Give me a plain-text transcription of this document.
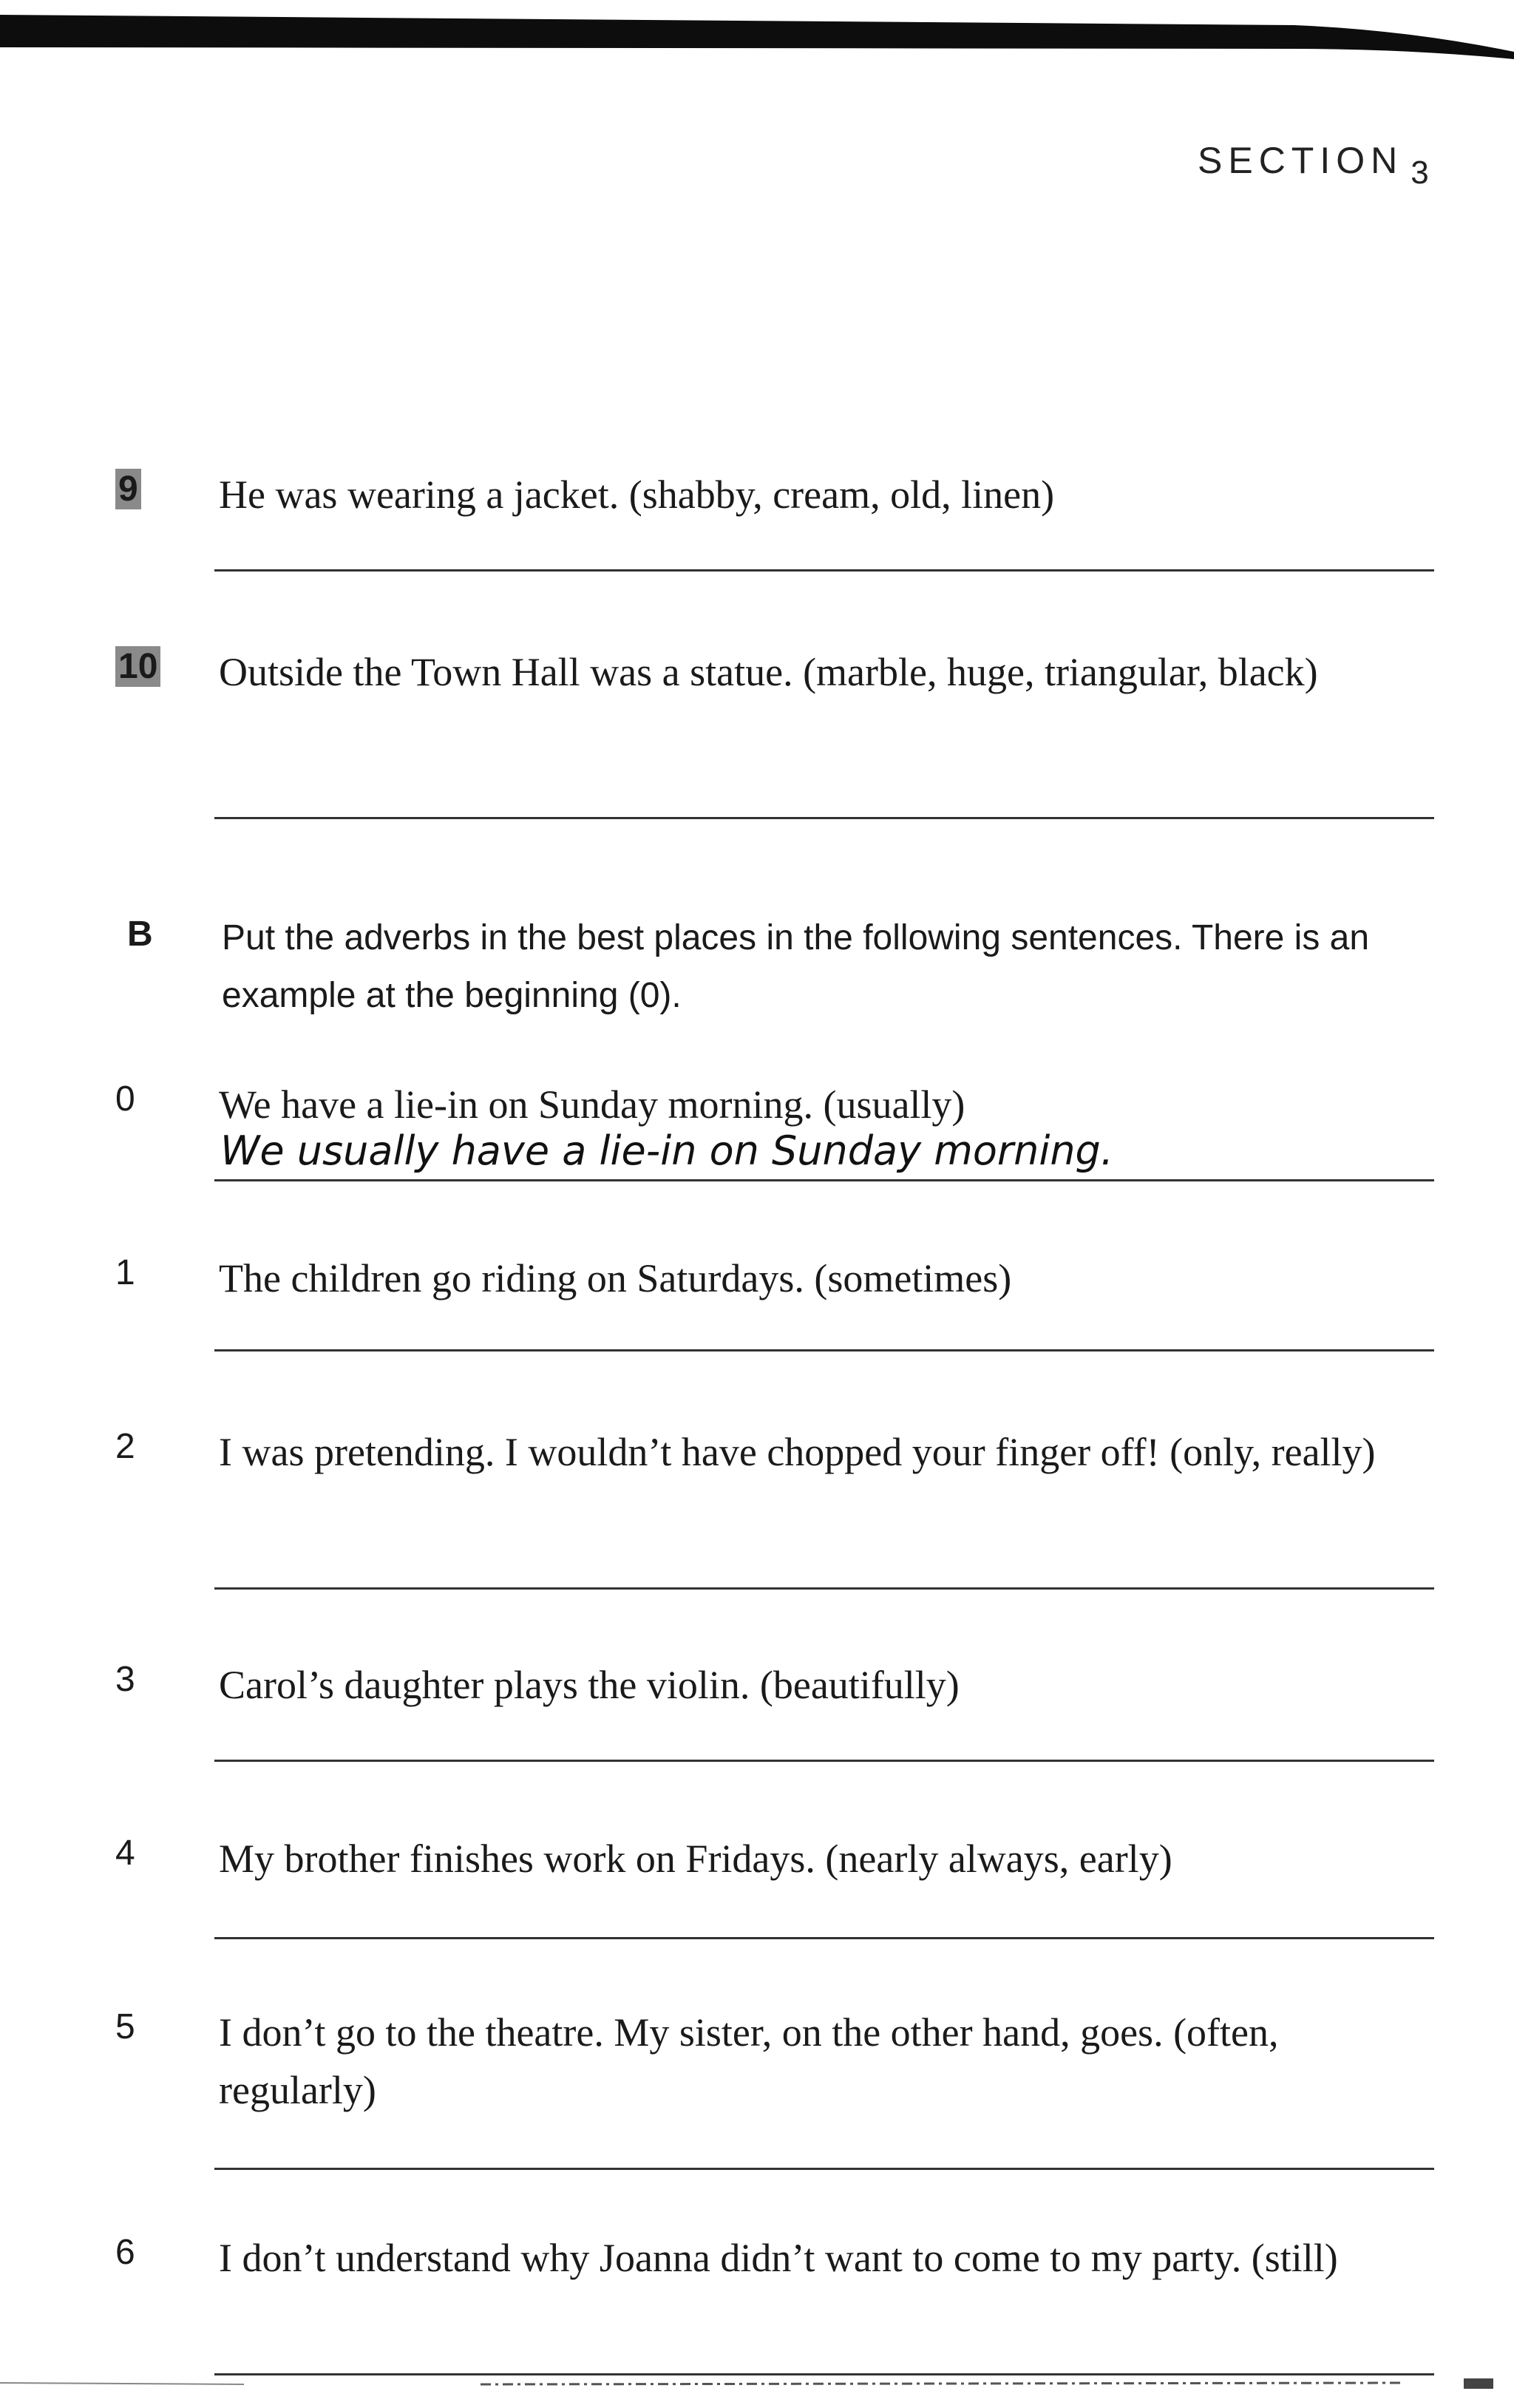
SECTION 3
9 He was wearing a jacket. (shabby, cream, old, linen)
10 Outside the Town Hall was a statue. (marble, huge, triangular, black)
B Put the adverbs in the best places in the following sentences. There is an example at the beginning (0).
0 We have a lie-in on Sunday morning. (usually)
We usually have a lie-in on Sunday morning.
1 The children go riding on Saturdays. (sometimes)
2 I was pretending. I wouldn’t have chopped your finger off! (only, really)
3 Carol’s daughter plays the violin. (beautifully)
4 My brother finishes work on Fridays. (nearly always, early)
5 I don’t go to the theatre. My sister, on the other hand, goes. (often, regularly)
6 I don’t understand why Joanna didn’t want to come to my party. (still)
